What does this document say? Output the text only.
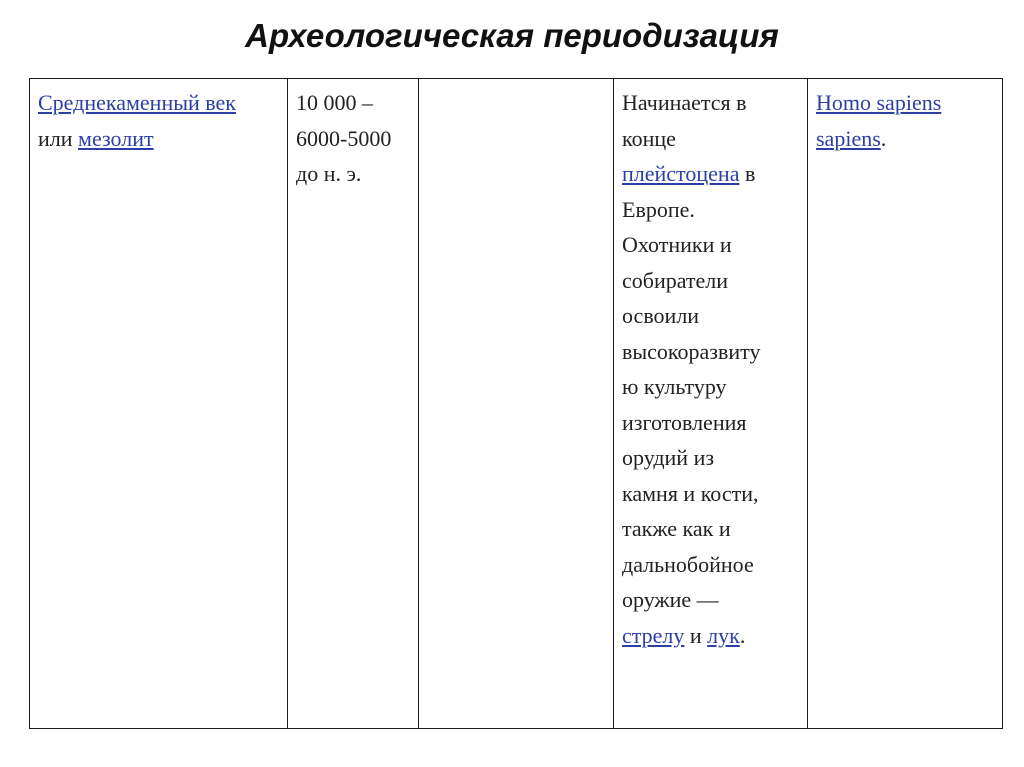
Археологическая периодизация
Среднекаменный век
или мезолит	10 000 –
6000-5000
до н. э.		Начинается в
конце
плейстоцена в
Европе.
Охотники и
собиратели
освоили
высокоразвиту
ю культуру
изготовления
орудий из
камня и кости,
также как и
дальнобойное
оружие —
стрелу и лук.	Homo sapiens
sapiens.
